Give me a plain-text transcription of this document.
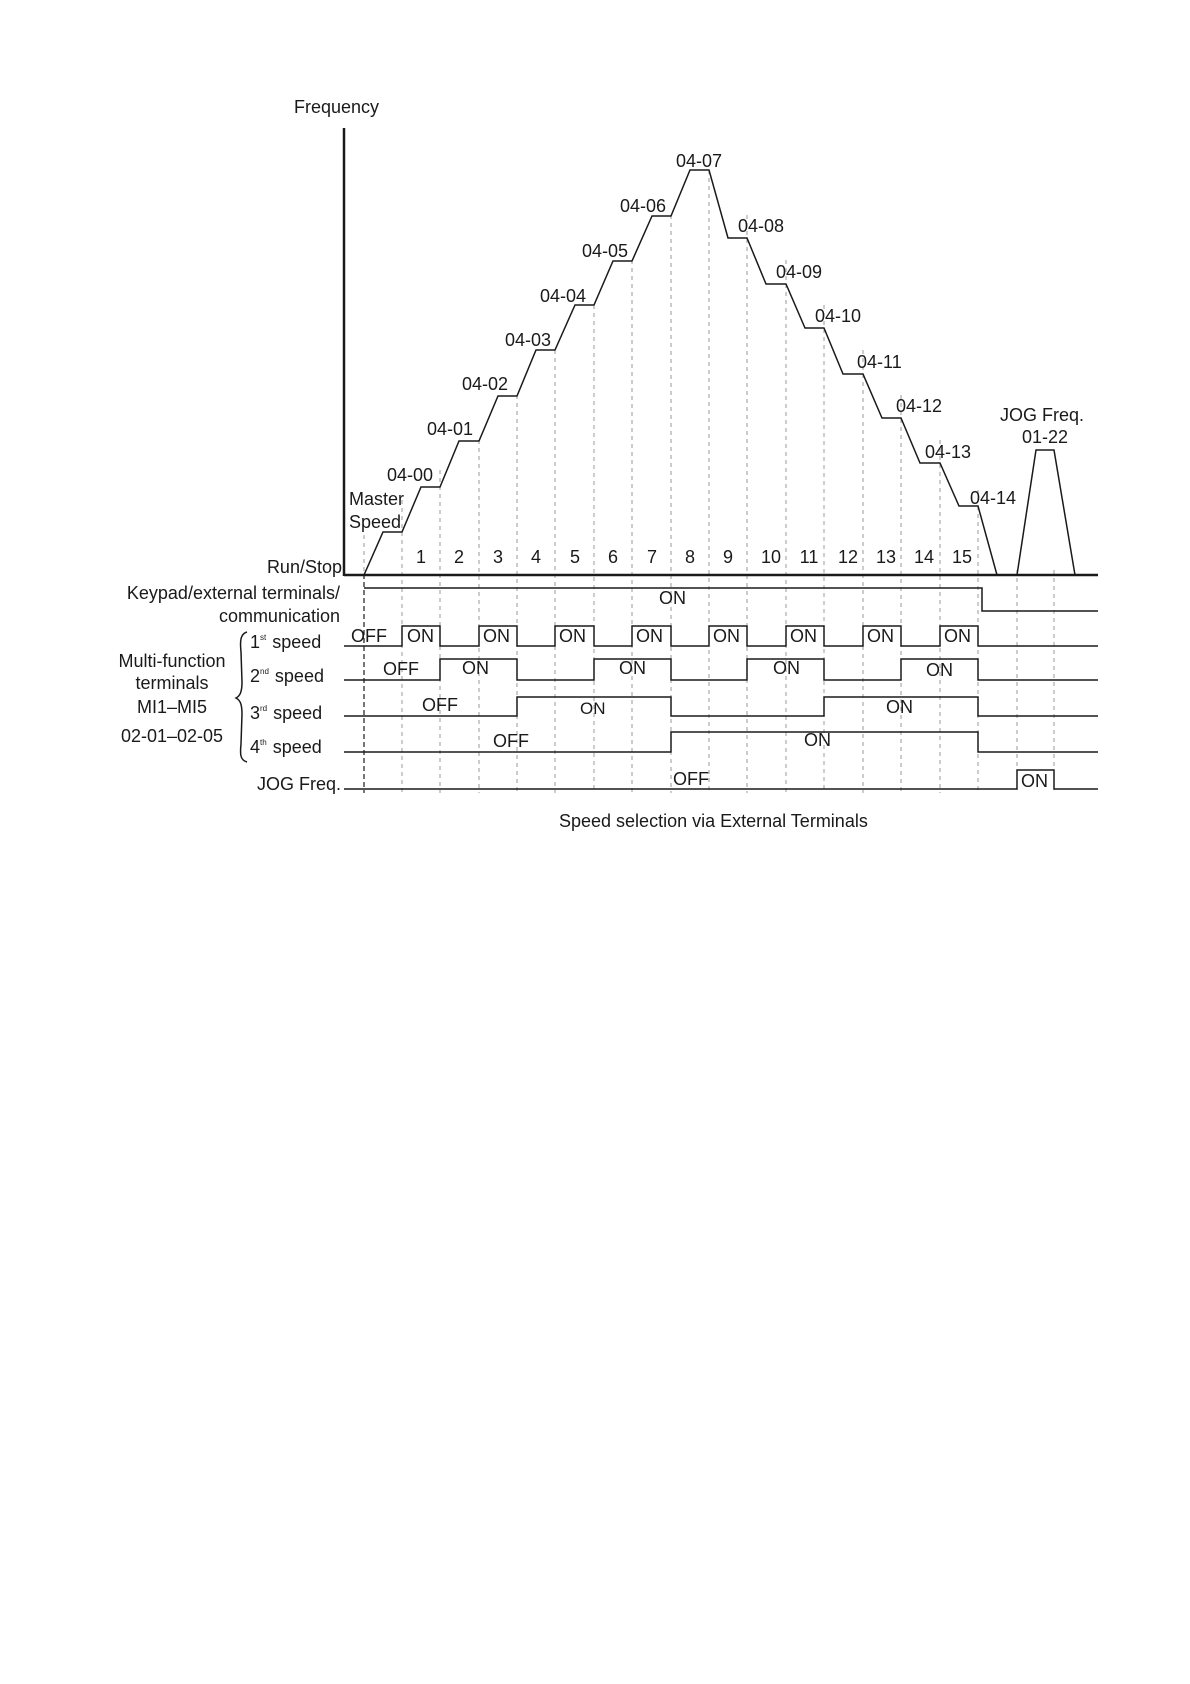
Frequency
Master
Speed
Run/Stop
04-00
04-01
04-02
04-03
04-04
04-05
04-06
04-07
04-08
04-09
04-10
04-11
04-12
04-13
04-14
JOG Freq.
01-22
1 2 3 4 5 6 7 8 9 10 11 12 13 14 15
Keypad/external terminals/
communication
ON
Multi-function
terminals
MI1–MI5
02-01–02-05
1st speed OFF ON	ON	ON	ON	ON	ON	ON	ON
2nd speed	OFF ON	ON	ON	ON
3rd speed	OFF	ON	ON
4th speed	OFF	ON
JOG Freq.	OFF	ON
Speed selection via External Terminals
